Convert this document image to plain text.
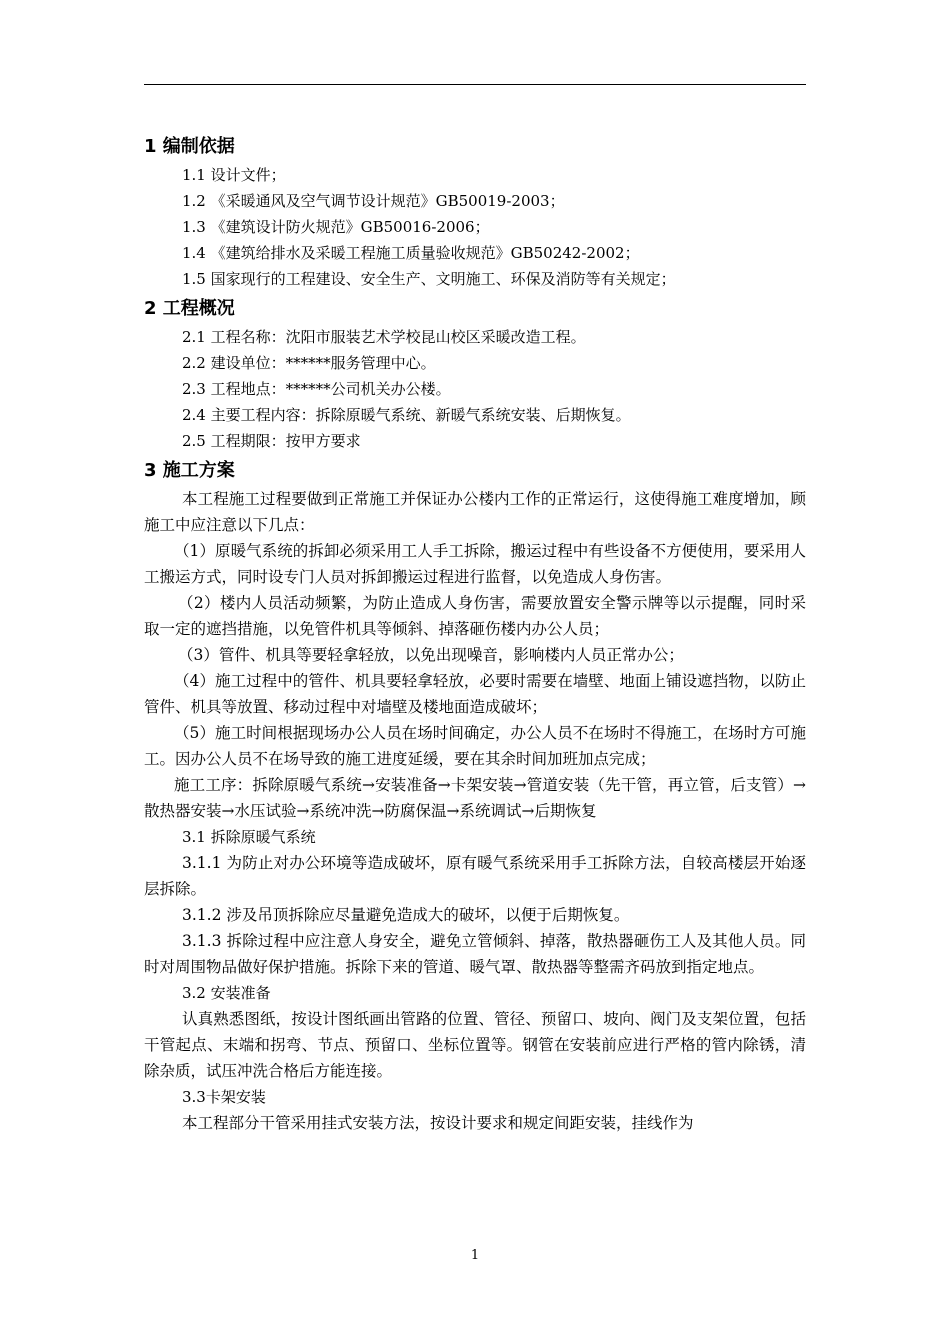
1 编制依据

1.1 设计文件；

1.2 《采暖通风及空气调节设计规范》GB50019-2003；

1.3 《建筑设计防火规范》GB50016-2006；

1.4 《建筑给排水及采暖工程施工质量验收规范》GB50242-2002；

1.5 国家现行的工程建设、安全生产、文明施工、环保及消防等有关规定；

2 工程概况

2.1 工程名称：沈阳市服装艺术学校昆山校区采暖改造工程。

2.2 建设单位：******服务管理中心。

2.3 工程地点：******公司机关办公楼。

2.4 主要工程内容：拆除原暖气系统、新暖气系统安装、后期恢复。

2.5 工程期限：按甲方要求

3 施工方案

本工程施工过程要做到正常施工并保证办公楼内工作的正常运行，这使得施工难度增加，顾施工中应注意以下几点：

（1）原暖气系统的拆卸必须采用工人手工拆除，搬运过程中有些设备不方便使用，要采用人工搬运方式，同时设专门人员对拆卸搬运过程进行监督，以免造成人身伤害。

（2）楼内人员活动频繁，为防止造成人身伤害，需要放置安全警示牌等以示提醒，同时采取一定的遮挡措施，以免管件机具等倾斜、掉落砸伤楼内办公人员；

（3）管件、机具等要轻拿轻放，以免出现噪音，影响楼内人员正常办公；

（4）施工过程中的管件、机具要轻拿轻放，必要时需要在墙壁、地面上铺设遮挡物，以防止管件、机具等放置、移动过程中对墙壁及楼地面造成破坏；

（5）施工时间根据现场办公人员在场时间确定，办公人员不在场时不得施工，在场时方可施工。因办公人员不在场导致的施工进度延缓，要在其余时间加班加点完成；

施工工序：拆除原暖气系统→安装准备→卡架安装→管道安装（先干管，再立管，后支管）→散热器安装→水压试验→系统冲洗→防腐保温→系统调试→后期恢复

3.1 拆除原暖气系统

3.1.1 为防止对办公环境等造成破坏，原有暖气系统采用手工拆除方法，自较高楼层开始逐层拆除。

3.1.2 涉及吊顶拆除应尽量避免造成大的破坏，以便于后期恢复。

3.1.3 拆除过程中应注意人身安全，避免立管倾斜、掉落，散热器砸伤工人及其他人员。同时对周围物品做好保护措施。拆除下来的管道、暖气罩、散热器等整需齐码放到指定地点。

3.2 安装准备

认真熟悉图纸，按设计图纸画出管路的位置、管径、预留口、坡向、阀门及支架位置，包括干管起点、末端和拐弯、节点、预留口、坐标位置等。钢管在安装前应进行严格的管内除锈，清除杂质，试压冲洗合格后方能连接。

3.3卡架安装

本工程部分干管采用挂式安装方法，按设计要求和规定间距安装，挂线作为

1
